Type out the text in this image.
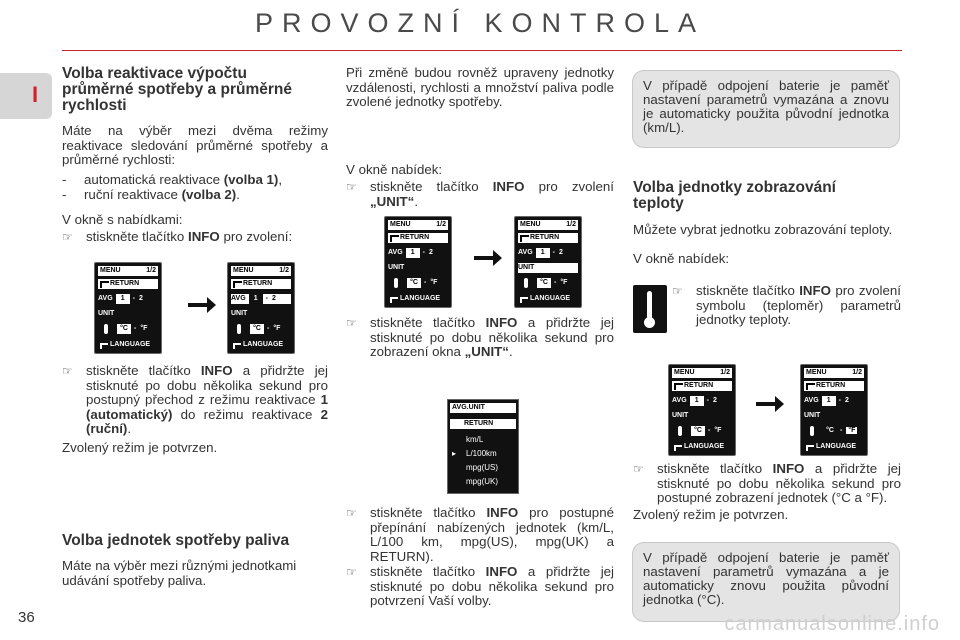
PROVOZNÍ KONTROLA
I
Volba reaktivace výpočtu průměrné spotřeby a průměrné rychlosti

Máte na výběr mezi dvěma režimy reaktivace sledování průměrné spotřeby a průměrné rychlosti:

-	automatická reaktivace (volba 1),
-	ruční reaktivace (volba 2).

V okně s nabídkami:

☞ stiskněte tlačítko INFO pro zvolení:
MENU	1/2
RETURN
AVG 1 - 2
UNIT
°C - °F
LANGUAGE
MENU	1/2
RETURN
AVG 1 - 2
UNIT
°C - °F
LANGUAGE
☞ stiskněte tlačítko INFO a přidržte jej stisknuté po dobu několika sekund pro postupný přechod z režimu reaktivace 1 (automatický) do režimu reaktivace 2 (ruční).

Zvolený režim je potvrzen.

Volba jednotek spotřeby paliva

Máte na výběr mezi různými jednotkami udávání spotřeby paliva.

Při změně budou rovněž upraveny jednotky vzdálenosti, rychlosti a množství paliva podle zvolené jednotky spotřeby.

V okně nabídek:

☞ stiskněte tlačítko INFO pro zvolení „UNIT“.
MENU	1/2
RETURN
AVG 1 - 2
UNIT
°C - °F
LANGUAGE
MENU	1/2
RETURN
AVG 1 - 2
UNIT
°C - °F
LANGUAGE
☞ stiskněte tlačítko INFO a přidržte jej stisknuté po dobu několika sekund pro zobrazení okna „UNIT“.
AVG.UNIT
RETURN
km/L
▸ L/100km
mpg(US)
mpg(UK)
☞ stiskněte tlačítko INFO pro postupné přepínání nabízených jednotek (km/L, L/100 km, mpg(US), mpg(UK) a RETURN).
☞ stiskněte tlačítko INFO a přidržte jej stisknuté po dobu několika sekund pro potvrzení Vaší volby.
V případě odpojení baterie je paměť nastavení parametrů vymazána a znovu je automaticky použita původní jednotka (km/L).
Volba jednotky zobrazování teploty

Můžete vybrat jednotku zobrazování teploty.

V okně nabídek:

☞ stiskněte tlačítko INFO pro zvolení symbolu (teploměr) parametrů jednotky teploty.
MENU	1/2
RETURN
AVG 1 - 2
UNIT
°C - °F
LANGUAGE
MENU	1/2
RETURN
AVG 1 - 2
UNIT
°C - °F
LANGUAGE
☞ stiskněte tlačítko INFO a přidržte jej stisknuté po dobu několika sekund pro postupné zobrazení jednotek (°C a °F).

Zvolený režim je potvrzen.

V případě odpojení baterie je paměť nastavení parametrů vymazána a je automaticky znovu použita původní jednotka (°C).
36	carmanualsonline.info
